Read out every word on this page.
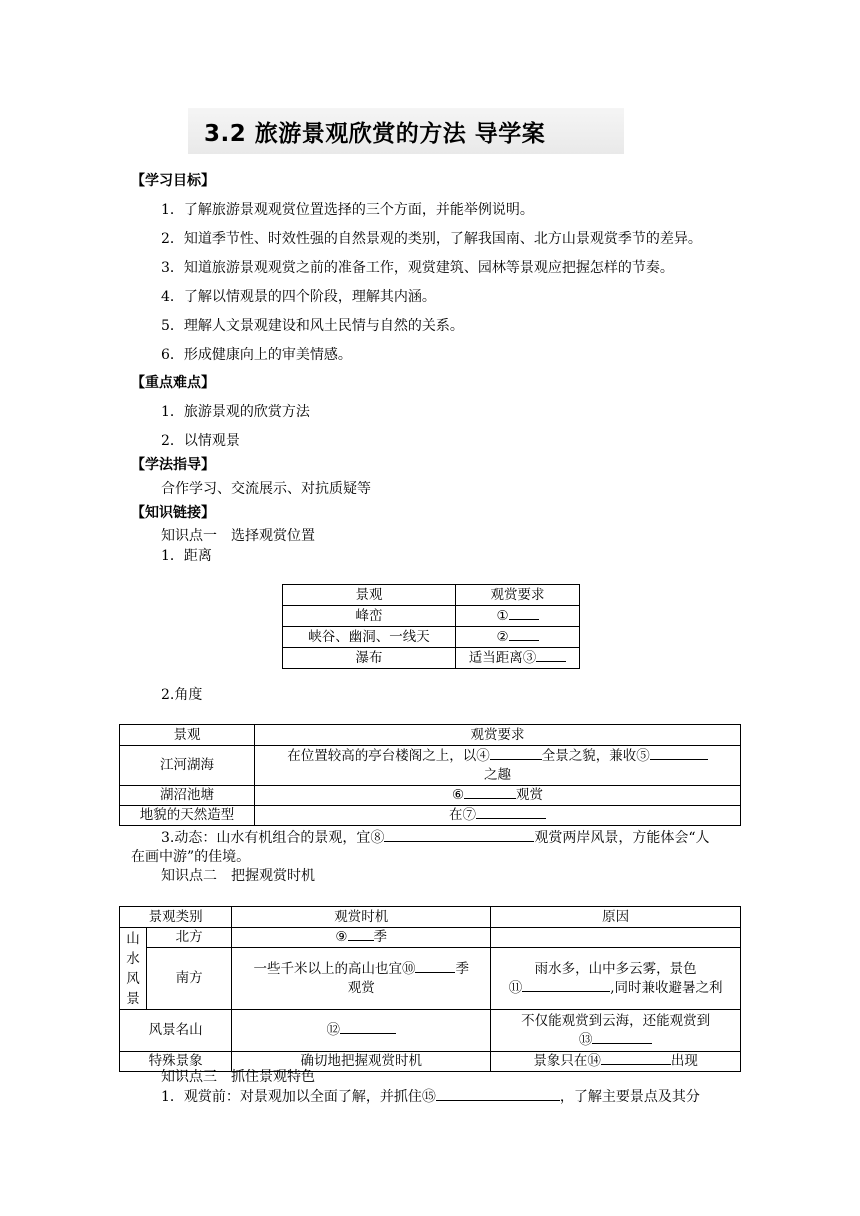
3.2 旅游景观欣赏的方法 导学案
【学习目标】
1．了解旅游景观观赏位置选择的三个方面，并能举例说明。
2．知道季节性、时效性强的自然景观的类别，了解我国南、北方山景观赏季节的差异。
3．知道旅游景观观赏之前的准备工作，观赏建筑、园林等景观应把握怎样的节奏。
4．了解以情观景的四个阶段，理解其内涵。
5．理解人文景观建设和风土民情与自然的关系。
6．形成健康向上的审美情感。
【重点难点】
1．旅游景观的欣赏方法
2．以情观景
【学法指导】
合作学习、交流展示、对抗质疑等
【知识链接】
知识点一　选择观赏位置
1．距离
景观	观赏要求
峰峦	①
峡谷、幽洞、一线天	②
瀑布	适当距离③
2.角度
景观	观赏要求
江河湖海	在位置较高的亭台楼阁之上，以④ 全景之貌，兼收⑤
之趣
湖沼池塘	⑥ 观赏
地貌的天然造型	在⑦
3.动态：山水有机组合的景观，宜⑧	观赏两岸风景，方能体会“人
在画中游”的佳境。
知识点二　把握观赏时机
景观类别		观赏时机	原因
山水风景	北方	⑨ 季	
	南方	一些千米以上的高山也宜⑩ 季
观赏	雨水多，山中多云雾，景色
⑪ ,同时兼收避暑之利
风景名山		⑫	不仅能观赏到云海，还能观赏到
⑬
特殊景象		确切地把握观赏时机	景象只在⑭ 出现
知识点三　抓住景观特色
1．观赏前：对景观加以全面了解，并抓住⑮	，了解主要景点及其分
